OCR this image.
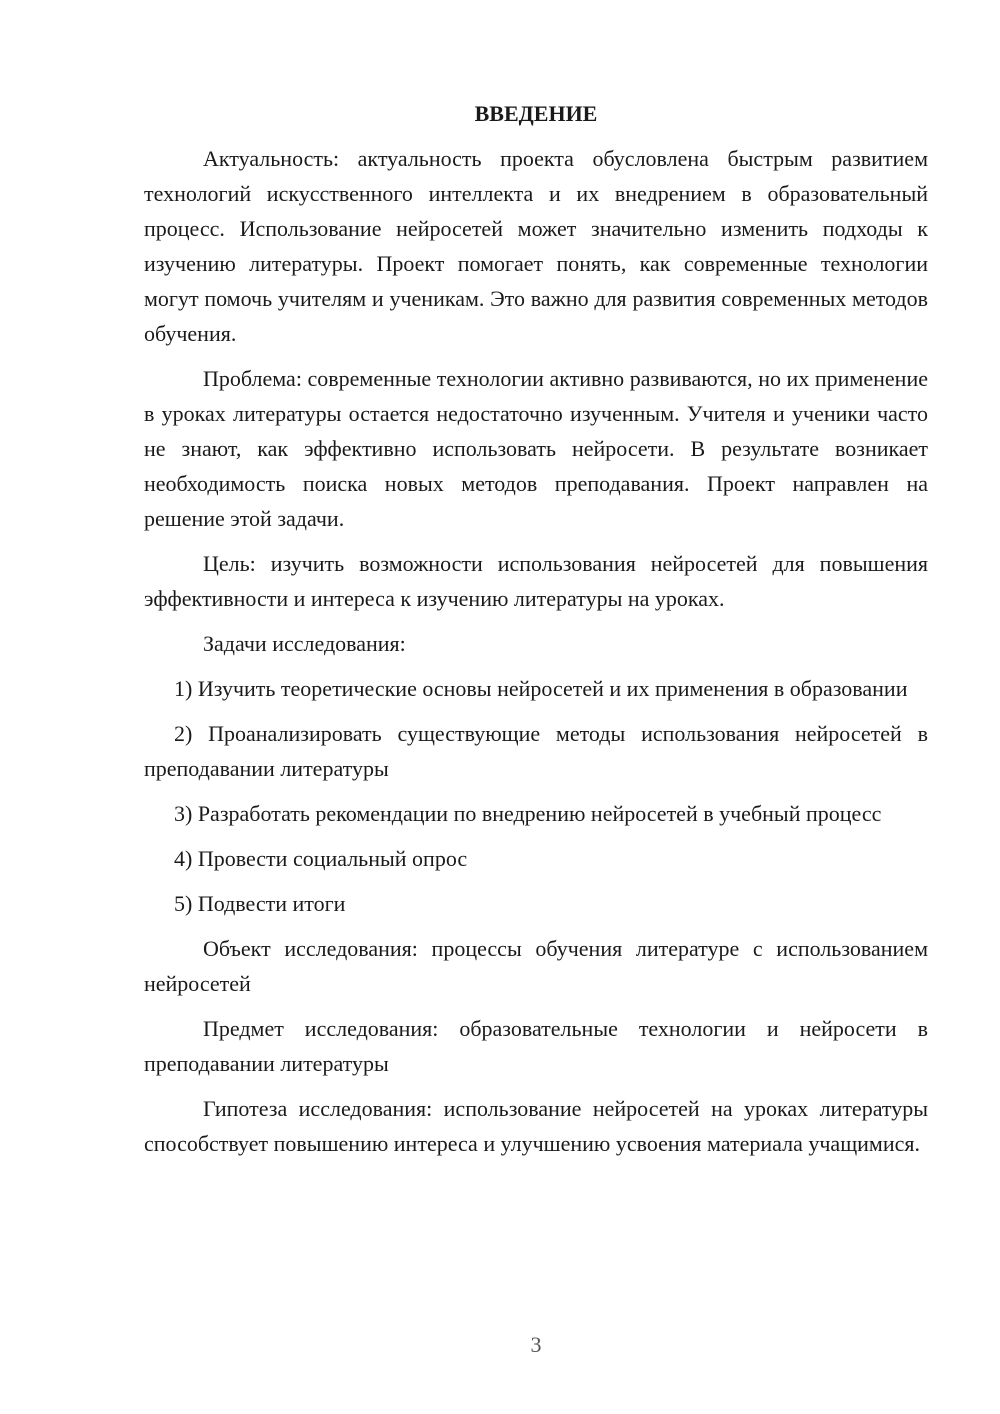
ВВЕДЕНИЕ

Актуальность: актуальность проекта обусловлена быстрым развитием технологий искусственного интеллекта и их внедрением в образовательный процесс. Использование нейросетей может значительно изменить подходы к изучению литературы. Проект помогает понять, как современные технологии могут помочь учителям и ученикам. Это важно для развития современных методов обучения.

Проблема: современные технологии активно развиваются, но их применение в уроках литературы остается недостаточно изученным. Учителя и ученики часто не знают, как эффективно использовать нейросети. В результате возникает необходимость поиска новых методов преподавания. Проект направлен на решение этой задачи.

Цель: изучить возможности использования нейросетей для повышения эффективности и интереса к изучению литературы на уроках.

Задачи исследования:

1) Изучить теоретические основы нейросетей и их применения в образовании

2) Проанализировать существующие методы использования нейросетей в преподавании литературы

3) Разработать рекомендации по внедрению нейросетей в учебный процесс

4) Провести социальный опрос

5) Подвести итоги

Объект исследования: процессы обучения литературе с использованием нейросетей

Предмет исследования: образовательные технологии и нейросети в преподавании литературы

Гипотеза исследования: использование нейросетей на уроках литературы способствует повышению интереса и улучшению усвоения материала учащимися.

3
